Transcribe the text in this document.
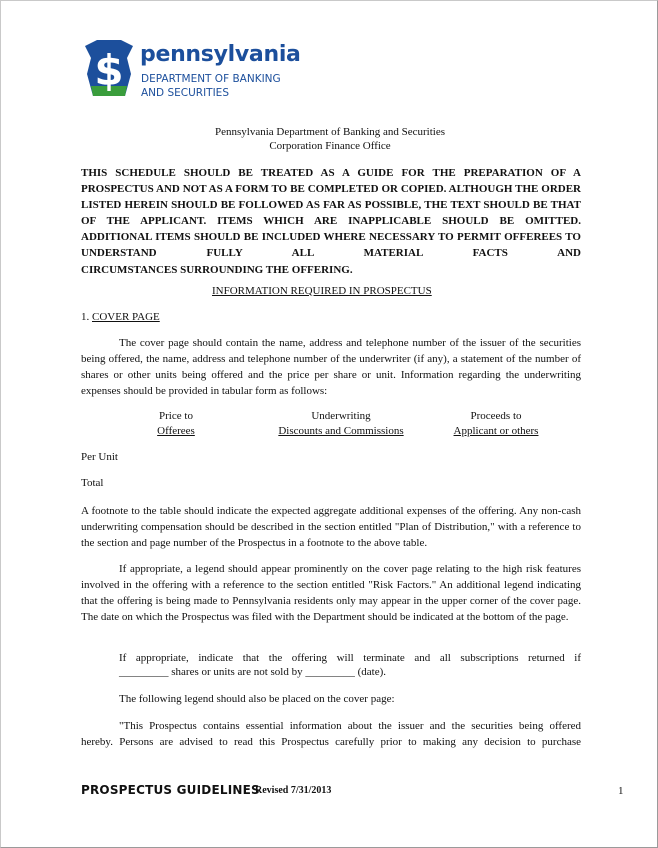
$ pennsylvania
DEPARTMENT OF BANKING
AND SECURITIES
Pennsylvania Department of Banking and Securities
Corporation Finance Office
THIS SCHEDULE SHOULD BE TREATED AS A GUIDE FOR THE PREPARATION OF A PROSPECTUS AND NOT AS A FORM TO BE COMPLETED OR COPIED. ALTHOUGH THE ORDER LISTED HEREIN SHOULD BE FOLLOWED AS FAR AS POSSIBLE, THE TEXT SHOULD BE THAT OF THE APPLICANT. ITEMS WHICH ARE INAPPLICABLE SHOULD BE OMITTED. ADDITIONAL ITEMS SHOULD BE INCLUDED WHERE NECESSARY TO PERMIT OFFEREES TO UNDERSTAND FULLY ALL MATERIAL FACTS AND
CIRCUMSTANCES SURROUNDING THE OFFERING.
INFORMATION REQUIRED IN PROSPECTUS
1. COVER PAGE
The cover page should contain the name, address and telephone number of the issuer of the securities being offered, the name, address and telephone number of the underwriter (if any), a statement of the number of shares or other units being offered and the price per share or unit. Information regarding the underwriting expenses should be provided in tabular form as follows:
Price to
Offerees
Underwriting
Discounts and Commissions
Proceeds to
Applicant or others
Per Unit
Total
A footnote to the table should indicate the expected aggregate additional expenses of the offering. Any non-cash underwriting compensation should be described in the section entitled "Plan of Distribution," with a reference to the section and page number of the Prospectus in a footnote to the above table.
If appropriate, a legend should appear prominently on the cover page relating to the high risk features involved in the offering with a reference to the section entitled "Risk Factors." An additional legend indicating that the offering is being made to Pennsylvania residents only may appear in the upper corner of the cover page. The date on which the Prospectus was filed with the Department should be indicated at the bottom of the page.
If appropriate, indicate that the offering will terminate and all subscriptions returned if
_________ shares or units are not sold by _________ (date).
The following legend should also be placed on the cover page:
"This Prospectus contains essential information about the issuer and the securities being offered
hereby. Persons are advised to read this Prospectus carefully prior to making any decision to purchase
PROSPECTUS GUIDELINES
Revised 7/31/2013	1
